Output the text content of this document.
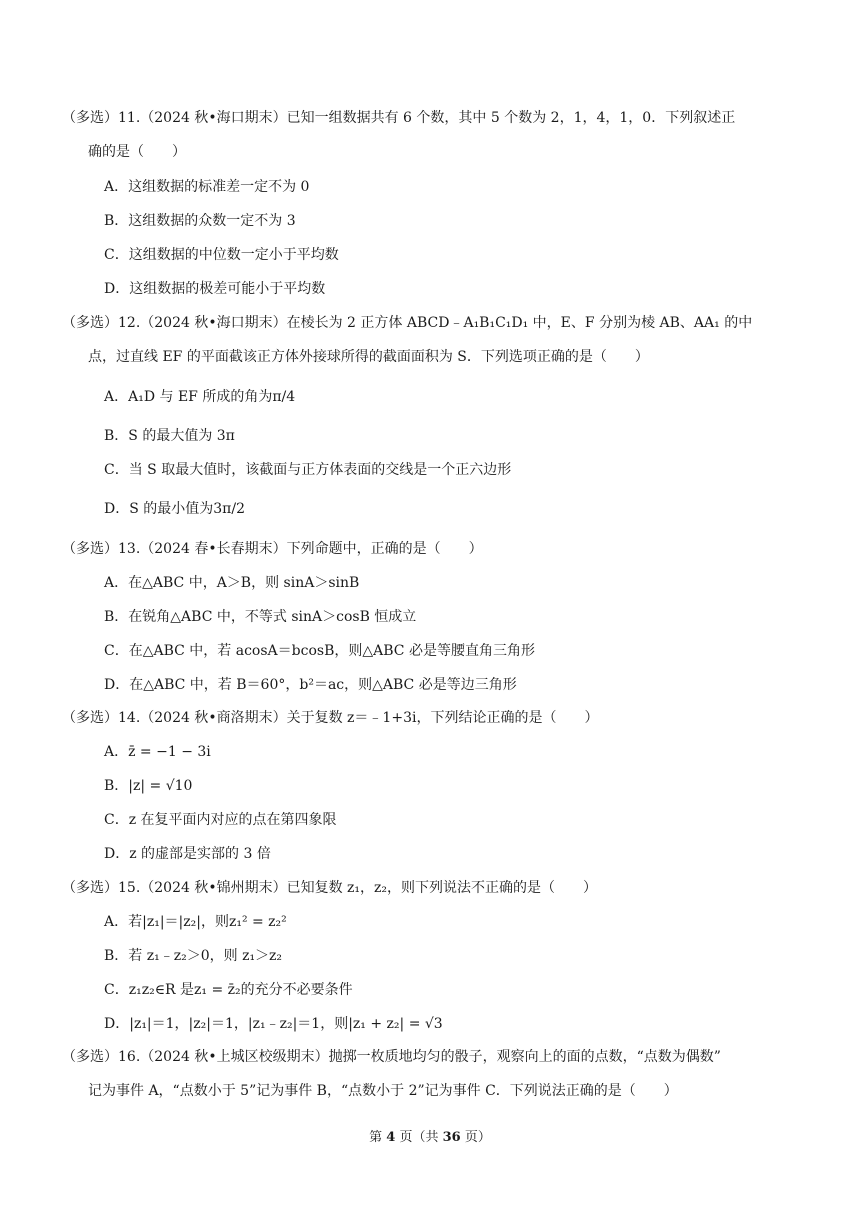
（多选）11.（2024 秋•海口期末）已知一组数据共有 6 个数，其中 5 个数为 2，1，4，1，0．下列叙述正
确的是（　　）
A．这组数据的标准差一定不为 0
B．这组数据的众数一定不为 3
C．这组数据的中位数一定小于平均数
D．这组数据的极差可能小于平均数
（多选）12.（2024 秋•海口期末）在棱长为 2 正方体 ABCD﹣A₁B₁C₁D₁ 中，E、F 分别为棱 AB、AA₁ 的中
点，过直线 EF 的平面截该正方体外接球所得的截面面积为 S．下列选项正确的是（　　）
A．A₁D 与 EF 所成的角为π/4
B．S 的最大值为 3π
C．当 S 取最大值时，该截面与正方体表面的交线是一个正六边形
D．S 的最小值为3π/2
（多选）13.（2024 春•长春期末）下列命题中，正确的是（　　）
A．在△ABC 中，A＞B，则 sinA＞sinB
B．在锐角△ABC 中，不等式 sinA＞cosB 恒成立
C．在△ABC 中，若 acosA＝bcosB，则△ABC 必是等腰直角三角形
D．在△ABC 中，若 B＝60°，b²＝ac，则△ABC 必是等边三角形
（多选）14.（2024 秋•商洛期末）关于复数 z＝﹣1+3i，下列结论正确的是（　　）
A．z̄ = −1 − 3i
B．|z| = √10
C．z 在复平面内对应的点在第四象限
D．z 的虚部是实部的 3 倍
（多选）15.（2024 秋•锦州期末）已知复数 z₁，z₂，则下列说法不正确的是（　　）
A．若|z₁|＝|z₂|，则z₁² = z₂²
B．若 z₁﹣z₂＞0，则 z₁＞z₂
C．z₁z₂∈R 是z₁ = z̄₂的充分不必要条件
D．|z₁|＝1，|z₂|＝1，|z₁﹣z₂|＝1，则|z₁ + z₂| = √3
（多选）16.（2024 秋•上城区校级期末）抛掷一枚质地均匀的骰子，观察向上的面的点数，“点数为偶数”
记为事件 A，“点数小于 5”记为事件 B，“点数小于 2”记为事件 C．下列说法正确的是（　　）
第 4 页（共 36 页）
